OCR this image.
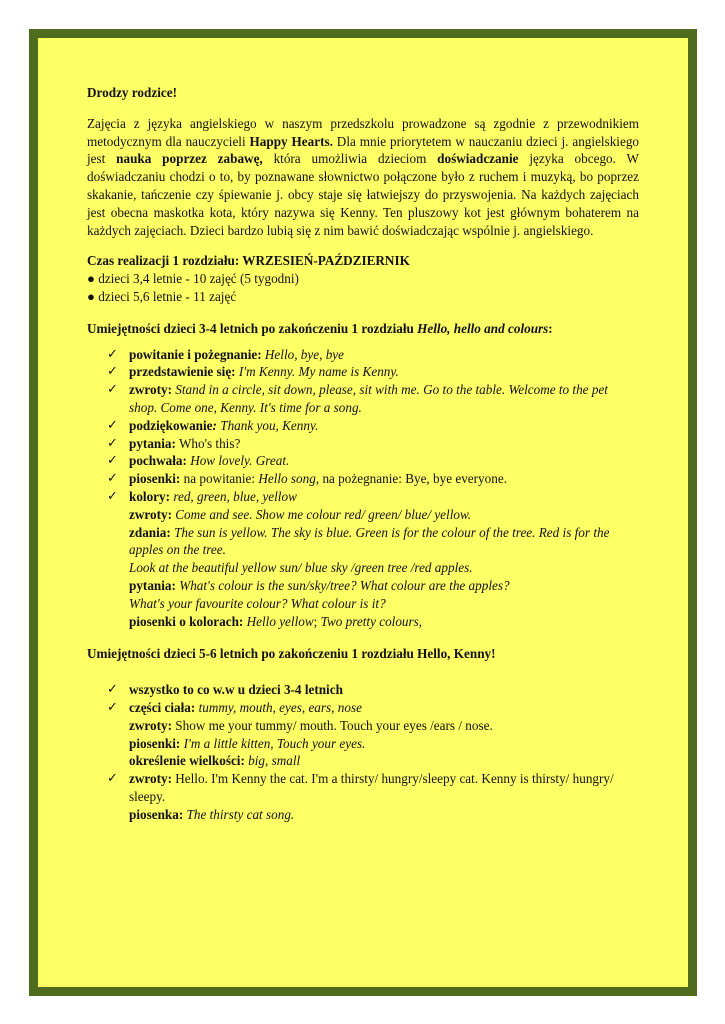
Drodzy rodzice!

Zajęcia z języka angielskiego w naszym przedszkolu prowadzone są zgodnie z przewodnikiem metodycznym dla nauczycieli Happy Hearts. Dla mnie priorytetem w nauczaniu dzieci j. angielskiego jest nauka poprzez zabawę, która umożliwia dzieciom doświadczanie języka obcego. W doświadczaniu chodzi o to, by poznawane słownictwo połączone było z ruchem i muzyką, bo poprzez skakanie, tańczenie czy śpiewanie j. obcy staje się łatwiejszy do przyswojenia. Na każdych zajęciach jest obecna maskotka kota, który nazywa się Kenny. Ten pluszowy kot jest głównym bohaterem na każdych zajęciach. Dzieci bardzo lubią się z nim bawić doświadczając wspólnie j. angielskiego.

Czas realizacji 1 rozdziału: WRZESIEŃ-PAŹDZIERNIK

● dzieci 3,4 letnie - 10 zajęć (5 tygodni)

● dzieci 5,6 letnie - 11 zajęć

Umiejętności dzieci 3-4 letnich po zakończeniu 1 rozdziału Hello, hello and colours:

✓ powitanie i pożegnanie: Hello, bye, bye
✓ przedstawienie się: I'm Kenny. My name is Kenny.
✓ zwroty: Stand in a circle, sit down, please, sit with me. Go to the table. Welcome to the pet shop. Come one, Kenny. It's time for a song.
✓ podziękowanie: Thank you, Kenny.
✓ pytania: Who's this?
✓ pochwała: How lovely. Great.
✓ piosenki: na powitanie: Hello song, na pożegnanie: Bye, bye everyone.
✓ kolory: red, green, blue, yellow
zwroty: Come and see. Show me colour red/ green/ blue/ yellow.
zdania: The sun is yellow. The sky is blue. Green is for the colour of the tree. Red is for the apples on the tree.
Look at the beautiful yellow sun/ blue sky /green tree /red apples.
pytania: What's colour is the sun/sky/tree? What colour are the apples?
What's your favourite colour? What colour is it?
piosenki o kolorach: Hello yellow; Two pretty colours,

Umiejętności dzieci 5-6 letnich po zakończeniu 1 rozdziału Hello, Kenny!

✓ wszystko to co w.w u dzieci 3-4 letnich
✓ części ciała: tummy, mouth, eyes, ears, nose
zwroty: Show me your tummy/ mouth. Touch your eyes /ears / nose.
piosenki: I'm a little kitten, Touch your eyes.
określenie wielkości: big, small
✓ zwroty: Hello. I'm Kenny the cat. I'm a thirsty/ hungry/sleepy cat. Kenny is thirsty/ hungry/ sleepy.
piosenka: The thirsty cat song.
